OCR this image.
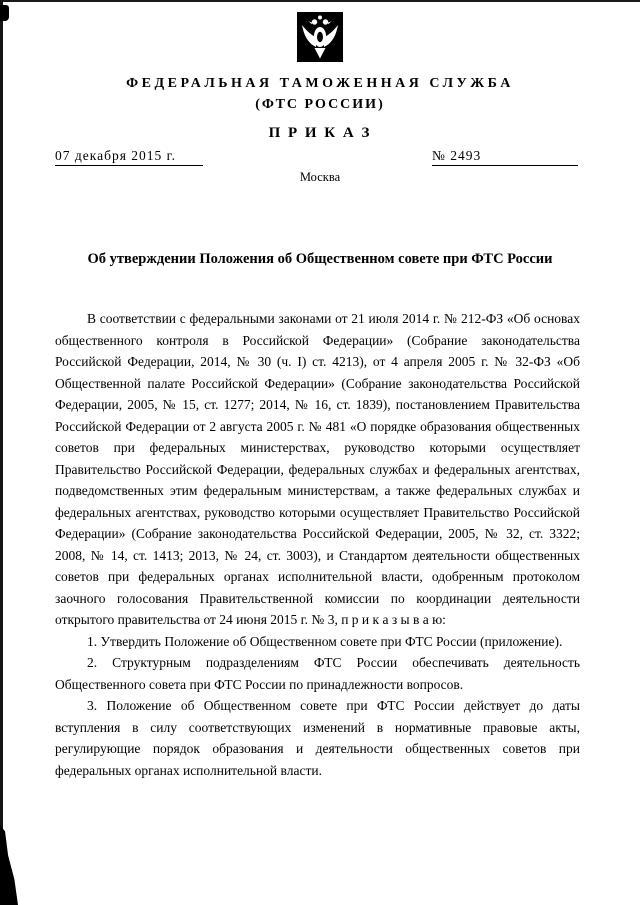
ФЕДЕРАЛЬНАЯ ТАМОЖЕННАЯ СЛУЖБА
(ФТС РОССИИ)
П Р И К А З
07 декабря 2015 г.	№ 2493
Москва
Об утверждении Положения об Общественном совете при ФТС России

В соответствии с федеральными законами от 21 июля 2014 г. № 212-ФЗ «Об основах общественного контроля в Российской Федерации» (Собрание законодательства Российской Федерации, 2014, № 30 (ч. I) ст. 4213), от 4 апреля 2005 г. № 32-ФЗ «Об Общественной палате Российской Федерации» (Собрание законодательства Российской Федерации, 2005, № 15, ст. 1277; 2014, № 16, ст. 1839), постановлением Правительства Российской Федерации от 2 августа 2005 г. № 481 «О порядке образования общественных советов при федеральных министерствах, руководство которыми осуществляет Правительство Российской Федерации, федеральных службах и федеральных агентствах, подведомственных этим федеральным министерствам, а также федеральных службах и федеральных агентствах, руководство которыми осуществляет Правительство Российской Федерации» (Собрание законодательства Российской Федерации, 2005, № 32, ст. 3322; 2008, № 14, ст. 1413; 2013, № 24, ст. 3003), и Стандартом деятельности общественных советов при федеральных органах исполнительной власти, одобренным протоколом заочного голосования Правительственной комиссии по координации деятельности открытого правительства от 24 июня 2015 г. № 3, п р и к а з ы в а ю:

1. Утвердить Положение об Общественном совете при ФТС России (приложение).

2. Структурным подразделениям ФТС России обеспечивать деятельность Общественного совета при ФТС России по принадлежности вопросов.

3. Положение об Общественном совете при ФТС России действует до даты вступления в силу соответствующих изменений в нормативные правовые акты, регулирующие порядок образования и деятельности общественных советов при федеральных органах исполнительной власти.
